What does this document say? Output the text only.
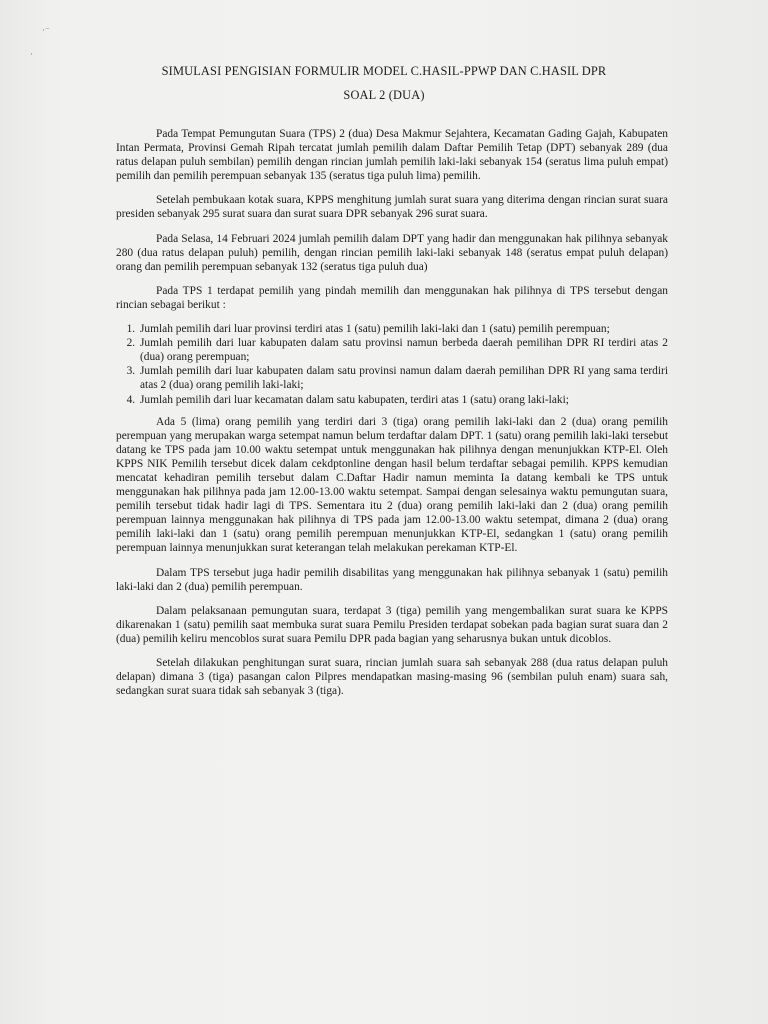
·⁻
·
SIMULASI PENGISIAN FORMULIR MODEL C.HASIL-PPWP DAN C.HASIL DPR
SOAL 2 (DUA)

Pada Tempat Pemungutan Suara (TPS) 2 (dua) Desa Makmur Sejahtera, Kecamatan Gading Gajah, Kabupaten Intan Permata, Provinsi Gemah Ripah tercatat jumlah pemilih dalam Daftar Pemilih Tetap (DPT) sebanyak 289 (dua ratus delapan puluh sembilan) pemilih dengan rincian jumlah pemilih laki-laki sebanyak 154 (seratus lima puluh empat) pemilih dan pemilih perempuan sebanyak 135 (seratus tiga puluh lima) pemilih.

Setelah pembukaan kotak suara, KPPS menghitung jumlah surat suara yang diterima dengan rincian surat suara presiden sebanyak 295 surat suara dan surat suara DPR sebanyak 296 surat suara.

Pada Selasa, 14 Februari 2024 jumlah pemilih dalam DPT yang hadir dan menggunakan hak pilihnya sebanyak 280 (dua ratus delapan puluh) pemilih, dengan rincian pemilih laki-laki sebanyak 148 (seratus empat puluh delapan) orang dan pemilih perempuan sebanyak 132 (seratus tiga puluh dua)

Pada TPS 1 terdapat pemilih yang pindah memilih dan menggunakan hak pilihnya di TPS tersebut dengan rincian sebagai berikut :

1. Jumlah pemilih dari luar provinsi terdiri atas 1 (satu) pemilih laki-laki dan 1 (satu) pemilih perempuan;
2. Jumlah pemilih dari luar kabupaten dalam satu provinsi namun berbeda daerah pemilihan DPR RI terdiri atas 2 (dua) orang perempuan;
3. Jumlah pemilih dari luar kabupaten dalam satu provinsi namun dalam daerah pemilihan DPR RI yang sama terdiri atas 2 (dua) orang pemilih laki-laki;
4. Jumlah pemilih dari luar kecamatan dalam satu kabupaten, terdiri atas 1 (satu) orang laki-laki;

Ada 5 (lima) orang pemilih yang terdiri dari 3 (tiga) orang pemilih laki-laki dan 2 (dua) orang pemilih perempuan yang merupakan warga setempat namun belum terdaftar dalam DPT. 1 (satu) orang pemilih laki-laki tersebut datang ke TPS pada jam 10.00 waktu setempat untuk menggunakan hak pilihnya dengan menunjukkan KTP-El. Oleh KPPS NIK Pemilih tersebut dicek dalam cekdptonline dengan hasil belum terdaftar sebagai pemilih. KPPS kemudian mencatat kehadiran pemilih tersebut dalam C.Daftar Hadir namun meminta Ia datang kembali ke TPS untuk menggunakan hak pilihnya pada jam 12.00-13.00 waktu setempat. Sampai dengan selesainya waktu pemungutan suara, pemilih tersebut tidak hadir lagi di TPS. Sementara itu 2 (dua) orang pemilih laki-laki dan 2 (dua) orang pemilih perempuan lainnya menggunakan hak pilihnya di TPS pada jam 12.00-13.00 waktu setempat, dimana 2 (dua) orang pemilih laki-laki dan 1 (satu) orang pemilih perempuan menunjukkan KTP-El, sedangkan 1 (satu) orang pemilih perempuan lainnya menunjukkan surat keterangan telah melakukan perekaman KTP-El.

Dalam TPS tersebut juga hadir pemilih disabilitas yang menggunakan hak pilihnya sebanyak 1 (satu) pemilih laki-laki dan 2 (dua) pemilih perempuan.

Dalam pelaksanaan pemungutan suara, terdapat 3 (tiga) pemilih yang mengembalikan surat suara ke KPPS dikarenakan 1 (satu) pemilih saat membuka surat suara Pemilu Presiden terdapat sobekan pada bagian surat suara dan 2 (dua) pemilih keliru mencoblos surat suara Pemilu DPR pada bagian yang seharusnya bukan untuk dicoblos.

Setelah dilakukan penghitungan surat suara, rincian jumlah suara sah sebanyak 288 (dua ratus delapan puluh delapan) dimana 3 (tiga) pasangan calon Pilpres mendapatkan masing-masing 96 (sembilan puluh enam) suara sah, sedangkan surat suara tidak sah sebanyak 3 (tiga).
